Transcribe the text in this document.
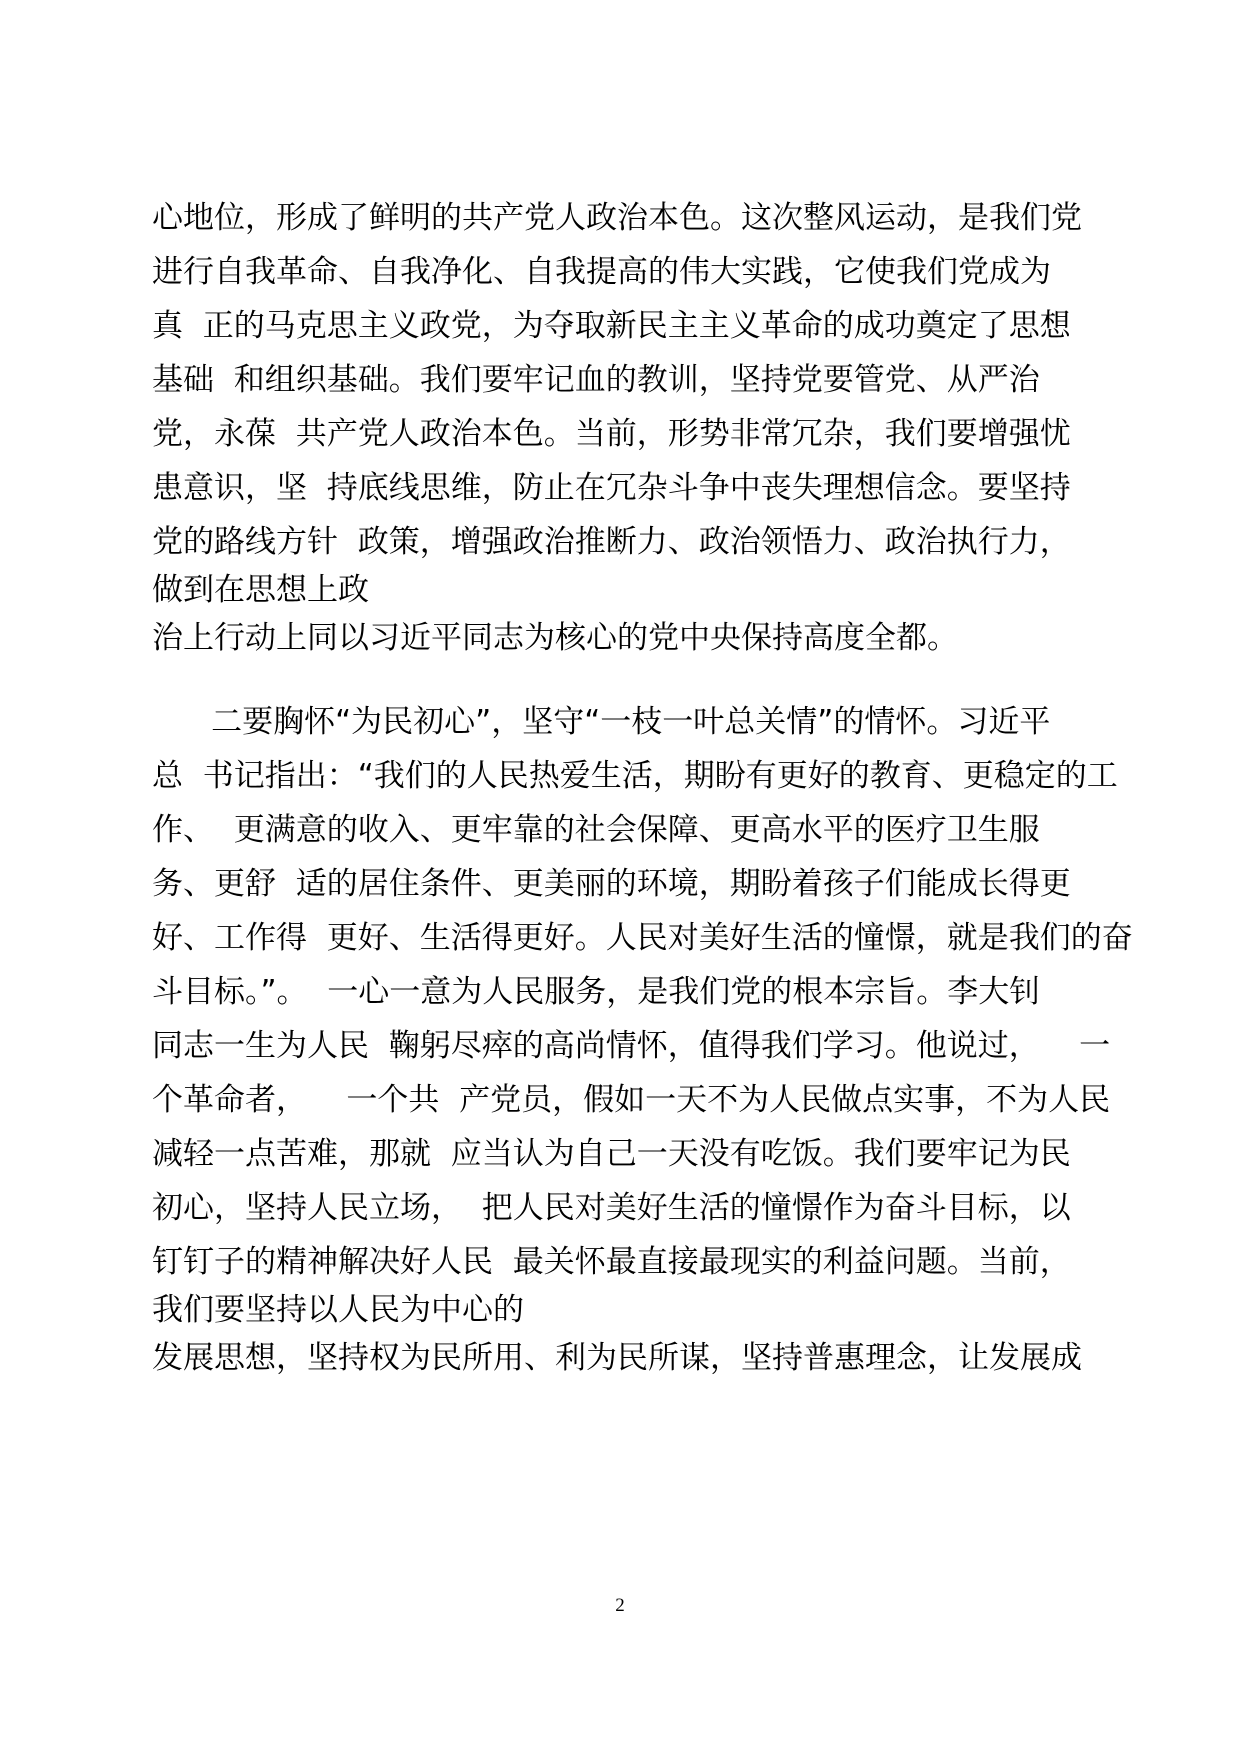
心地位，形成了鲜明的共产党人政治本色。这次整风运动，是我们党

进行自我革命、自我净化、自我提高的伟大实践，它使我们党成为

真  正的马克思主义政党，为夺取新民主主义革命的成功奠定了思想

基础  和组织基础。我们要牢记血的教训，坚持党要管党、从严治

党，永葆  共产党人政治本色。当前，形势非常冗杂，我们要增强忧

患意识，坚  持底线思维，防止在冗杂斗争中丧失理想信念。要坚持

党的路线方针  政策，增强政治推断力、政治领悟力、政治执行力，

做到在思想上政

治上行动上同以习近平同志为核心的党中央保持高度全都。

二要胸怀“为民初心”，坚守“一枝一叶总关情”的情怀。习近平

总  书记指出：“我们的人民热爱生活，期盼有更好的教育、更稳定的工

作、  更满意的收入、更牢靠的社会保障、更高水平的医疗卫生服

务、更舒  适的居住条件、更美丽的环境，期盼着孩子们能成长得更

好、工作得  更好、生活得更好。人民对美好生活的憧憬，就是我们的奋

斗目标。”。  一心一意为人民服务，是我们党的根本宗旨。李大钊

同志一生为人民  鞠躬尽瘁的高尚情怀，值得我们学习。他说过，    一

个革命者，    一个共  产党员，假如一天不为人民做点实事，不为人民

减轻一点苦难，那就  应当认为自己一天没有吃饭。我们要牢记为民

初心，坚持人民立场，  把人民对美好生活的憧憬作为奋斗目标，以

钉钉子的精神解决好人民  最关怀最直接最现实的利益问题。当前，

我们要坚持以人民为中心的

发展思想，坚持权为民所用、利为民所谋，坚持普惠理念，让发展成

2
